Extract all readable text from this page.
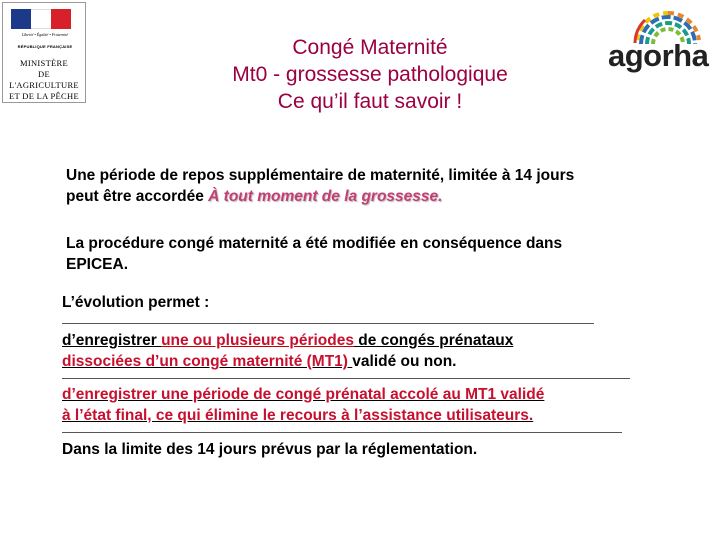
Liberté • Égalité • Fraternité
RÉPUBLIQUE FRANÇAISE
MINISTÈRE
DE L'AGRICULTURE
ET DE LA PÊCHE
agorha
Congé Maternité
Mt0 - grossesse pathologique
Ce qu’il faut savoir !
Une période de repos supplémentaire de maternité, limitée à 14 jours
peut être accordée À tout moment de la grossesse.
La procédure congé maternité a été modifiée en conséquence dans
EPICEA.
L’évolution permet :
d’enregistrer une ou plusieurs périodes de congés prénataux
dissociées d’un congé maternité (MT1) validé ou non.
d’enregistrer une période de congé prénatal accolé au MT1 validé
à l’état final, ce qui élimine le recours à l’assistance utilisateurs.
Dans la limite des 14 jours prévus par la réglementation.
